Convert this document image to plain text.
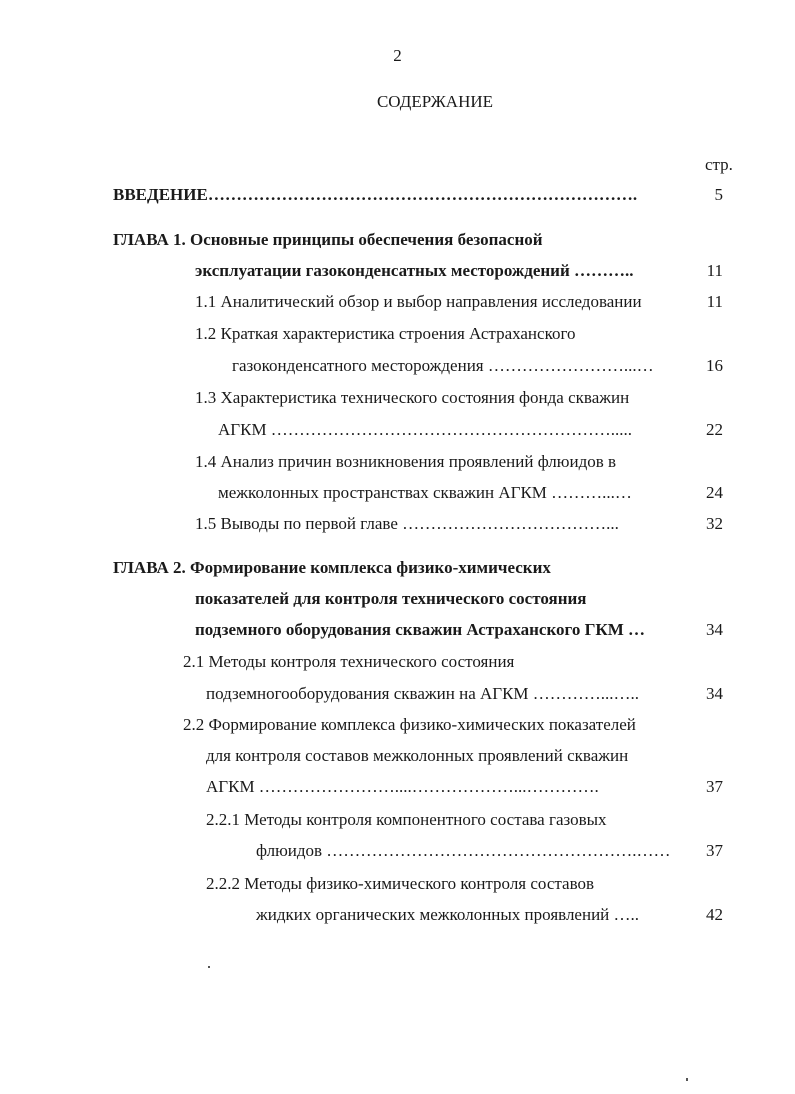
2
СОДЕРЖАНИЕ
стр.
ВВЕДЕНИЕ………………………………………………………………….	5
ГЛАВА 1. Основные принципы обеспечения безопасной
эксплуатации газоконденсатных месторождений ………..	11
1.1 Аналитический обзор и выбор направления исследовании	11
1.2 Краткая характеристика строения Астраханского
газоконденсатного месторождения ……………………...…	16
1.3 Характеристика технического состояния фонда скважин
АГКМ …………………………………………………….....	22
1.4 Анализ причин возникновения проявлений флюидов в
межколонных пространствах скважин АГКМ ………...…	24
1.5 Выводы по первой главе ………………………………...	32
ГЛАВА 2. Формирование комплекса физико-химических
показателей для контроля технического состояния
подземного оборудования скважин Астраханского ГКМ …	34
2.1 Методы контроля технического состояния
подземногооборудования скважин на АГКМ …………...…..	34
2.2 Формирование комплекса физико-химических показателей
для контроля составов межколонных проявлений скважин
АГКМ ……………………....………………...………….	37
2.2.1 Методы контроля компонентного состава газовых
флюидов ……………………………………………….……	37
2.2.2 Методы физико-химического контроля составов
жидких органических межколонных проявлений …..	42
